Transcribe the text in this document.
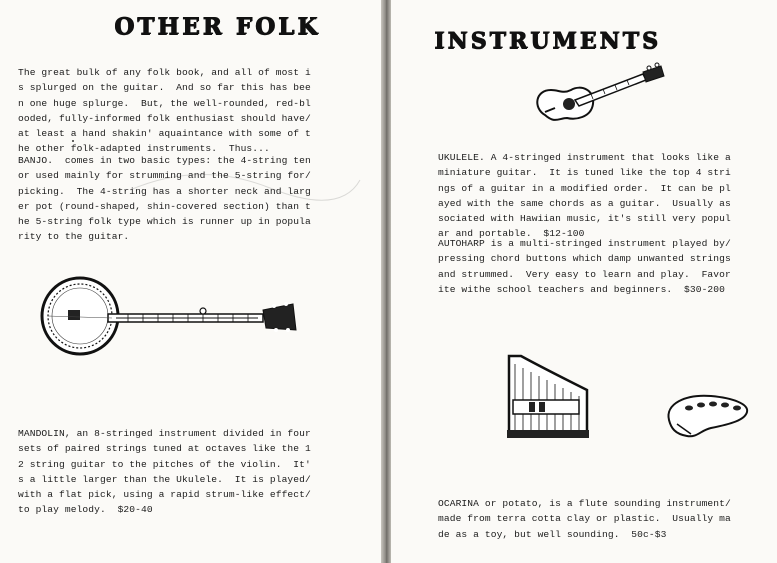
OTHER FOLK

The great bulk of any folk book, and all of most i
s splurged on the guitar.  And so far this has bee
n one huge splurge.  But, the well-rounded, red-bl
ooded, fully-informed folk enthusiast should have/
at least a hand shakin' aquaintance with some of t
he other folk-adapted instruments.  Thus...

BANJO.  comes in two basic types: the 4-string ten
or used mainly for strumming and the 5-string for/
picking.  The 4-string has a shorter neck and larg
er pot (round-shaped, shin-covered section) than t
he 5-string folk type which is runner up in popula
rity to the guitar.

MANDOLIN, an 8-stringed instrument divided in four
sets of paired strings tuned at octaves like the 1
2 string guitar to the pitches of the violin.  It'
s a little larger than the Ukulele.  It is played/
with a flat pick, using a rapid strum-like effect/
to play melody.  $20-40

INSTRUMENTS

UKULELE. A 4-stringed instrument that looks like a
miniature guitar.  It is tuned like the top 4 stri
ngs of a guitar in a modified order.  It can be pl
ayed with the same chords as a guitar.  Usually as
sociated with Hawiian music, it's still very popul
ar and portable.  $12-100

AUTOHARP is a multi-stringed instrument played by/
pressing chord buttons which damp unwanted strings
and strummed.  Very easy to learn and play.  Favor
ite withe school teachers and beginners.  $30-200

OCARINA or potato, is a flute sounding instrument/
made from terra cotta clay or plastic.  Usually ma
de as a toy, but well sounding.  50c-$3
